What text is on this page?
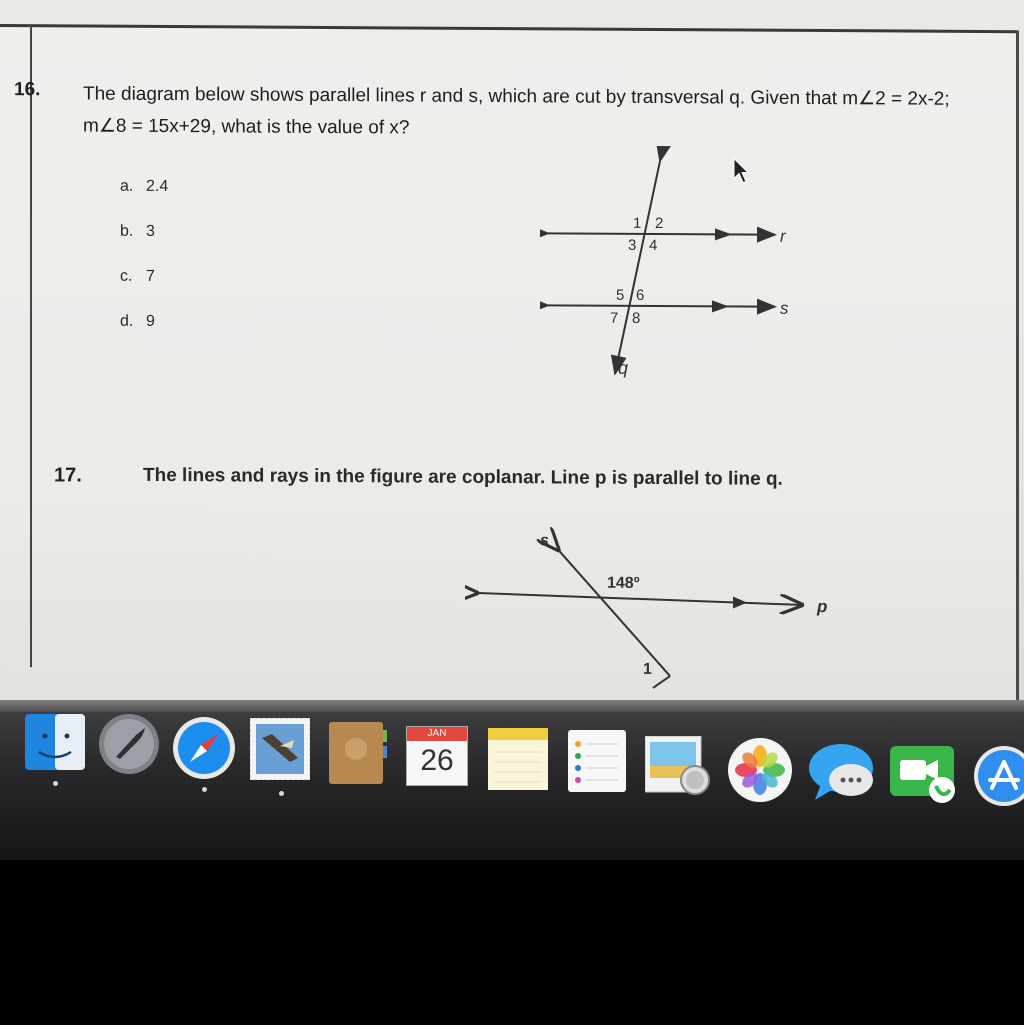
16. The diagram below shows parallel lines r and s, which are cut by transversal q. Given that m∠2 = 2x-2;
m∠8 = 15x+29, what is the value of x?
a. 2.4
b. 3
c. 7
d. 9
r
s
q
1 2
3 4
5 6
7 8
17.	The lines and rays in the figure are coplanar. Line p is parallel to line q.
s
148º
p
1
JAN
26
